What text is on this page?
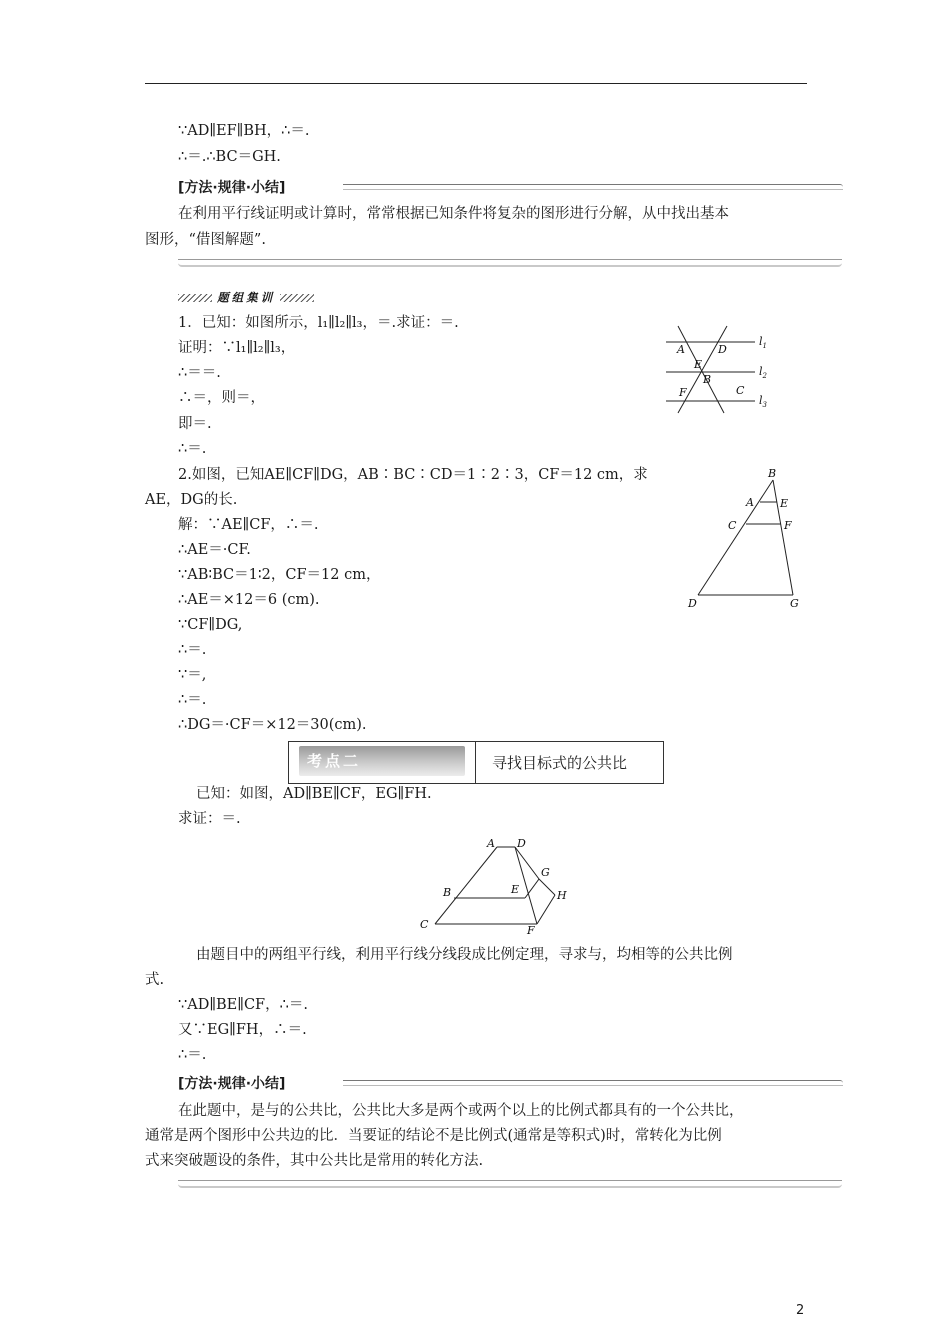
∵AD∥EF∥BH，∴＝.
∴＝.∴BC＝GH.
[方法·规律·小结]
在利用平行线证明或计算时，常常根据已知条件将复杂的图形进行分解，从中找出基本
图形，“借图解题”.
题组集训
1．已知：如图所示，l₁∥l₂∥l₃，＝.求证：＝.
证明：∵l₁∥l₂∥l₃，
∴＝＝.
∴＝，则＝，
即＝.
∴＝.
A	D
E
B
F	C
$l_1$
$l_2$
$l_3$
2.如图，已知AE∥CF∥DG，AB∶BC∶CD＝1∶2∶3，CF＝12 cm，求
AE，DG的长.
解：∵AE∥CF，∴＝.
∴AE＝·CF.
∵AB∶BC＝1∶2，CF＝12 cm，
∴AE＝×12＝6 (cm).
∵CF∥DG,
∴＝.
∵＝,
∴＝.
∴DG＝·CF＝×12＝30(cm).
B
A E
C	F
D	G
考点二	寻找目标式的公共比
已知：如图，AD∥BE∥CF，EG∥FH.
求证：＝.
A D
B	E
G
H
C	F
由题目中的两组平行线，利用平行线分线段成比例定理，寻求与，均相等的公共比例
式.
∵AD∥BE∥CF，∴＝.
又∵EG∥FH，∴＝.
∴＝.
[方法·规律·小结]
在此题中，是与的公共比，公共比大多是两个或两个以上的比例式都具有的一个公共比，
通常是两个图形中公共边的比．当要证的结论不是比例式(通常是等积式)时，常转化为比例
式来突破题设的条件，其中公共比是常用的转化方法.
2
